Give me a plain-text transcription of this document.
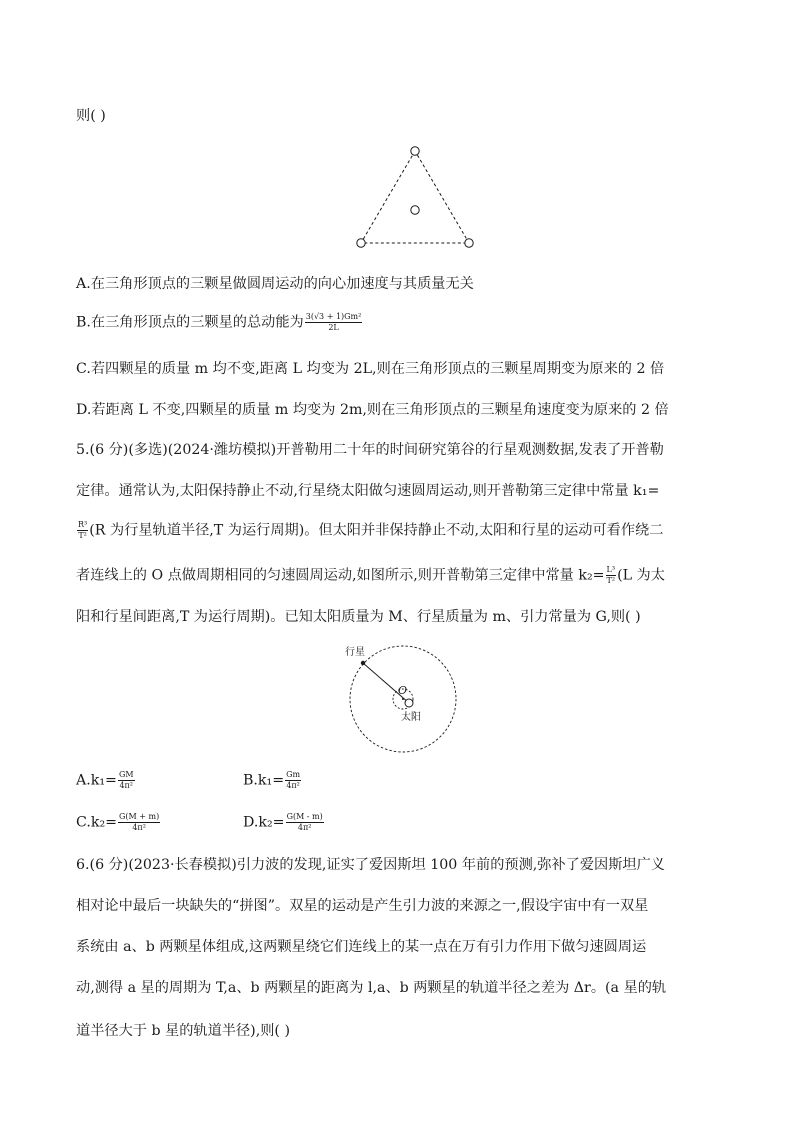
则( )
A.在三角形顶点的三颗星做圆周运动的向心加速度与其质量无关
B.在三角形顶点的三颗星的总动能为 $\frac{\text{3(√3 + 1)Gm²}}{2L}$
C.若四颗星的质量 m 均不变,距离 L 均变为 2L,则在三角形顶点的三颗星周期变为原来的 2 倍
D.若距离 L 不变,四颗星的质量 m 均变为 2m,则在三角形顶点的三颗星角速度变为原来的 2 倍
5.(6 分)(多选)(2024·潍坊模拟)开普勒用二十年的时间研究第谷的行星观测数据,发表了开普勒
定律。通常认为,太阳保持静止不动,行星绕太阳做匀速圆周运动,则开普勒第三定律中常量 k₁=
$\frac{\text{R³}}{\text{T²}} (R$ 为行星轨道半径,T 为运行周期)。但太阳并非保持静止不动,太阳和行星的运动可看作绕二
者连线上的 O 点做周期相同的匀速圆周运动,如图所示,则开普勒第三定律中常量 $k_2= \frac{\text{L³}}{\text{T²}} (L$ 为太
阳和行星间距离,T 为运行周期)。已知太阳质量为 M、行星质量为 m、引力常量为 G,则( )
行星
O
太阳
$A.k_1= \frac{GM}{\text{4π²}}$	$B.k_1= \frac{Gm}{\text{4π²}}$
$C.k_2= \frac{G(M + m)}{\text{4π²}}$	$D.k_2= \frac{G(M - m)}{\text{4π²}}$
6.(6 分)(2023·长春模拟)引力波的发现,证实了爱因斯坦 100 年前的预测,弥补了爱因斯坦广义
相对论中最后一块缺失的“拼图”。双星的运动是产生引力波的来源之一,假设宇宙中有一双星
系统由 a、b 两颗星体组成,这两颗星绕它们连线上的某一点在万有引力作用下做匀速圆周运
动,测得 a 星的周期为 T,a、b 两颗星的距离为 l,a、b 两颗星的轨道半径之差为 Δr。(a 星的轨
道半径大于 b 星的轨道半径),则( )
